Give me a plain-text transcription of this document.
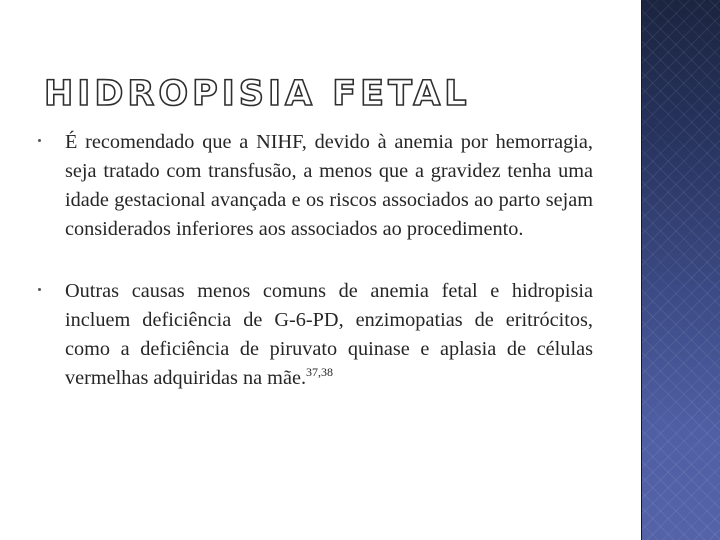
HIDROPISIA FETAL
É recomendado que a NIHF, devido à anemia por hemorragia, seja tratado com transfusão, a menos que a gravidez tenha uma idade gestacional avançada e os riscos associados ao parto sejam considerados inferiores aos associados ao procedimento.
Outras causas menos comuns de anemia fetal e hidropisia incluem deficiência de G-6-PD, enzimopatias de eritrócitos, como a deficiência de piruvato quinase e aplasia de células vermelhas adquiridas na mãe.$^{37,38}$
